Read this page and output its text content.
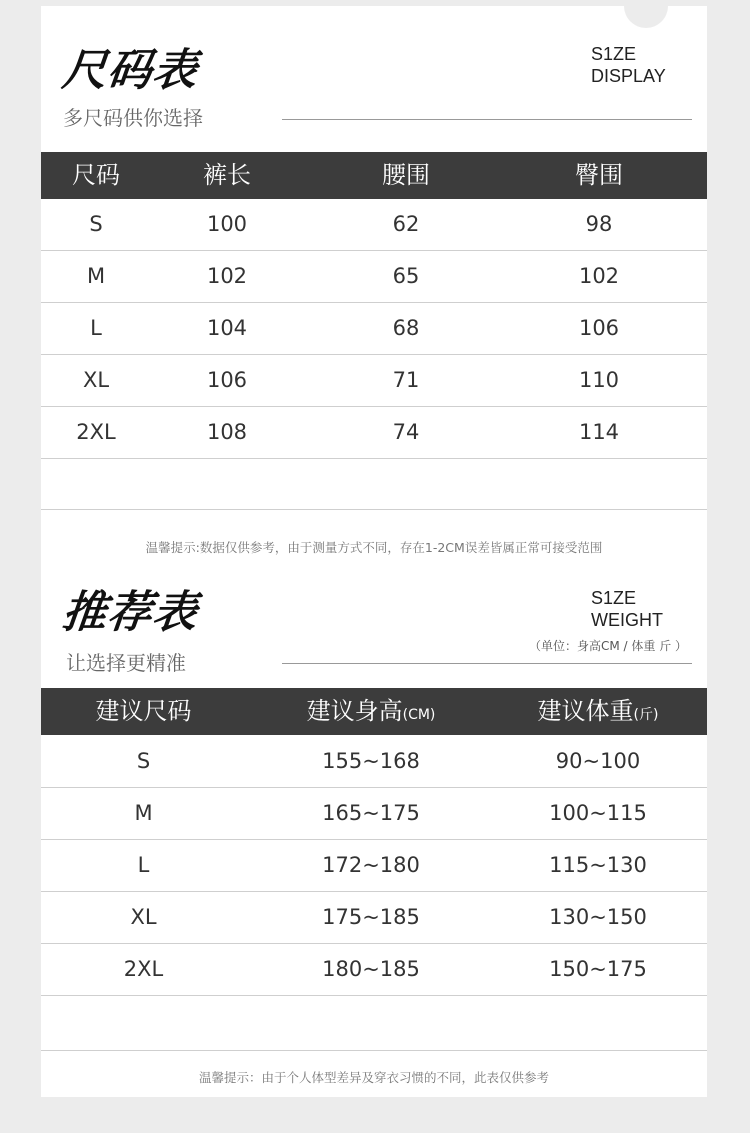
尺码表
多尺码供你选择
S1ZE
DISPLAY
尺码	裤长	腰围	臀围
S	100	62	98
M	102	65	102
L	104	68	106
XL	106	71	110
2XL	108	74	114
温馨提示:数据仅供参考，由于测量方式不同，存在1-2CM误差皆属正常可接受范围
推荐表
让选择更精准
S1ZE
WEIGHT
（单位：身高CM / 体重 斤 ）
建议尺码	建议身高(CM)	建议体重(斤)
S	155~168	90~100
M	165~175	100~115
L	172~180	115~130
XL	175~185	130~150
2XL	180~185	150~175
温馨提示：由于个人体型差异及穿衣习惯的不同，此表仅供参考
